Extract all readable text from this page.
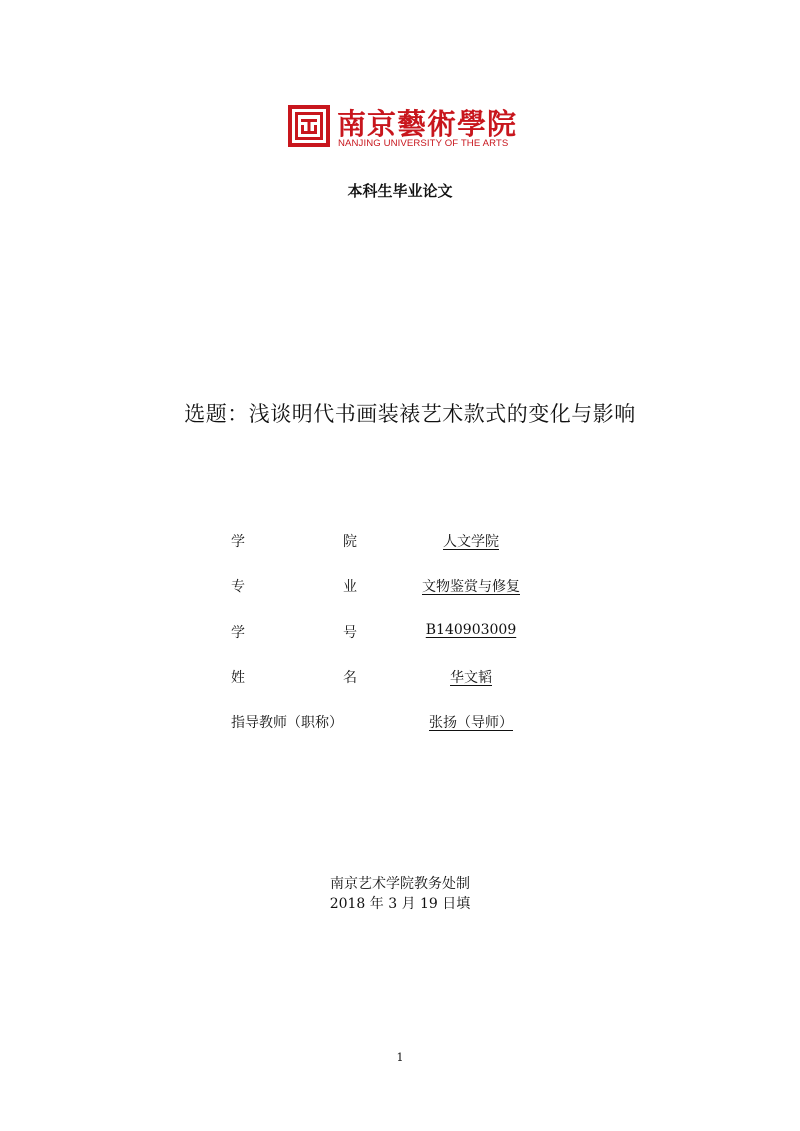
南京藝術學院
NANJING UNIVERSITY OF THE ARTS
本科生毕业论文
选题：浅谈明代书画装裱艺术款式的变化与影响
学	院	人文学院
专	业	文物鉴赏与修复
学	号	B140903009
姓	名	华文韬
指导教师（职称）	张扬（导师）
南京艺术学院教务处制
2018 年 3 月 19 日填
1
